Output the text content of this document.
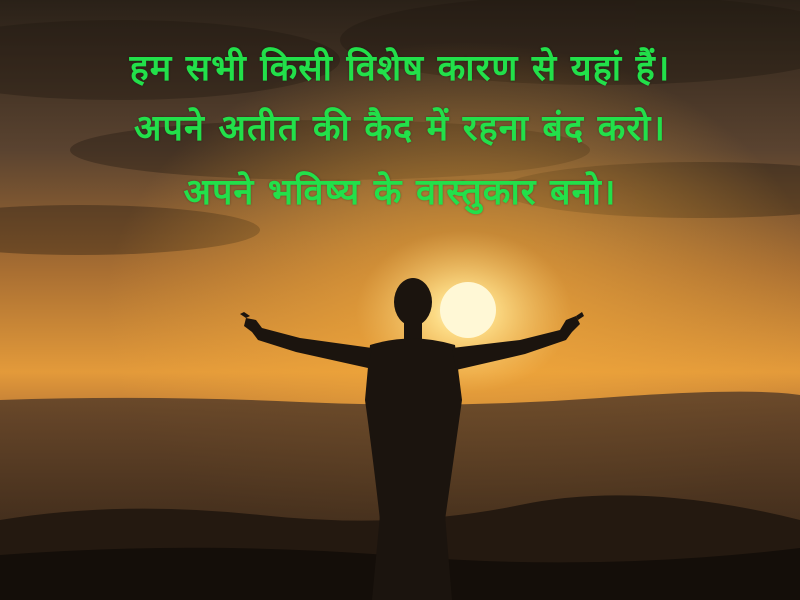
हम सभी किसी विशेष कारण से यहां हैं।
अपने अतीत की कैद में रहना बंद करो।
अपने भविष्य के वास्तुकार बनो।
